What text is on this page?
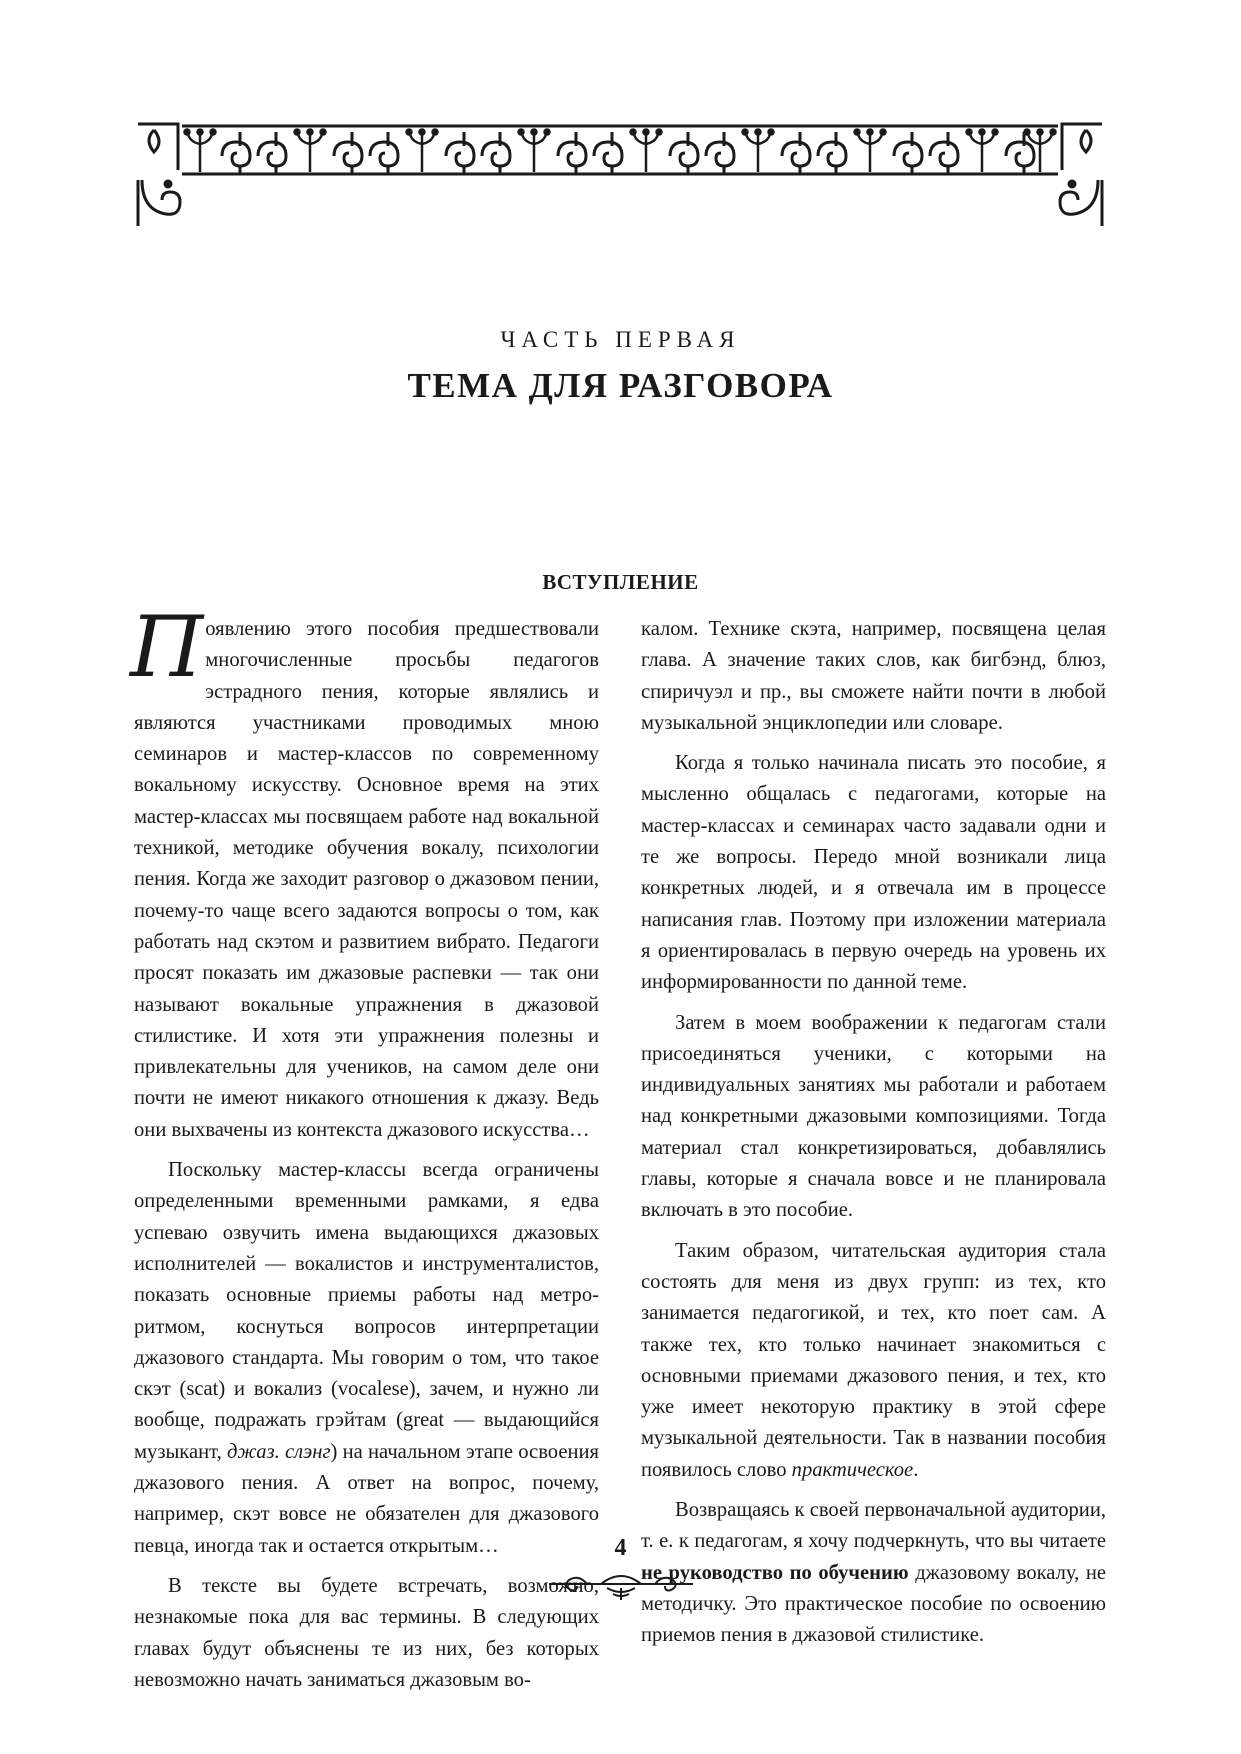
ЧАСТЬ ПЕРВАЯ
ТЕМА ДЛЯ РАЗГОВОРА
ВСТУПЛЕНИЕ

Появлению этого пособия предшествовали многочисленные просьбы педагогов эстрадного пения, которые являлись и являются участниками проводимых мною семинаров и мастер-классов по современному вокальному искусству. Основное время на этих мастер-классах мы посвящаем работе над вокальной техникой, методике обучения вокалу, психологии пения. Когда же заходит разговор о джазовом пении, почему-то чаще всего задаются вопросы о том, как работать над скэтом и развитием вибрато. Педагоги просят показать им джазовые распевки — так они называют вокальные упражнения в джазовой стилистике. И хотя эти упражнения полезны и привлекательны для учеников, на самом деле они почти не имеют никакого отношения к джазу. Ведь они выхвачены из контекста джазового искусства…

Поскольку мастер-классы всегда ограничены определенными временными рамками, я едва успеваю озвучить имена выдающихся джазовых исполнителей — вокалистов и инструменталистов, показать основные приемы работы над метро-ритмом, коснуться вопросов интерпретации джазового стандарта. Мы говорим о том, что такое скэт (scat) и вокализ (vocalese), зачем, и нужно ли вообще, подражать грэйтам (great — выдающийся музыкант, джаз. слэнг) на начальном этапе освоения джазового пения. А ответ на вопрос, почему, например, скэт вовсе не обязателен для джазового певца, иногда так и остается открытым…

В тексте вы будете встречать, возможно, незнакомые пока для вас термины. В следующих главах будут объяснены те из них, без которых невозможно начать заниматься джазовым во-

калом. Технике скэта, например, посвящена целая глава. А значение таких слов, как бигбэнд, блюз, спиричуэл и пр., вы сможете найти почти в любой музыкальной энциклопедии или словаре.

Когда я только начинала писать это пособие, я мысленно общалась с педагогами, которые на мастер-классах и семинарах часто задавали одни и те же вопросы. Передо мной возникали лица конкретных людей, и я отвечала им в процессе написания глав. Поэтому при изложении материала я ориентировалась в первую очередь на уровень их информированности по данной теме.

Затем в моем воображении к педагогам стали присоединяться ученики, с которыми на индивидуальных занятиях мы работали и работаем над конкретными джазовыми композициями. Тогда материал стал конкретизироваться, добавлялись главы, которые я сначала вовсе и не планировала включать в это пособие.

Таким образом, читательская аудитория стала состоять для меня из двух групп: из тех, кто занимается педагогикой, и тех, кто поет сам. А также тех, кто только начинает знакомиться с основными приемами джазового пения, и тех, кто уже имеет некоторую практику в этой сфере музыкальной деятельности. Так в названии пособия появилось слово практическое.

Возвращаясь к своей первоначальной аудитории, т. е. к педагогам, я хочу подчеркнуть, что вы читаете не руководство по обучению джазовому вокалу, не методичку. Это практическое пособие по освоению приемов пения в джазовой стилистике.

4
